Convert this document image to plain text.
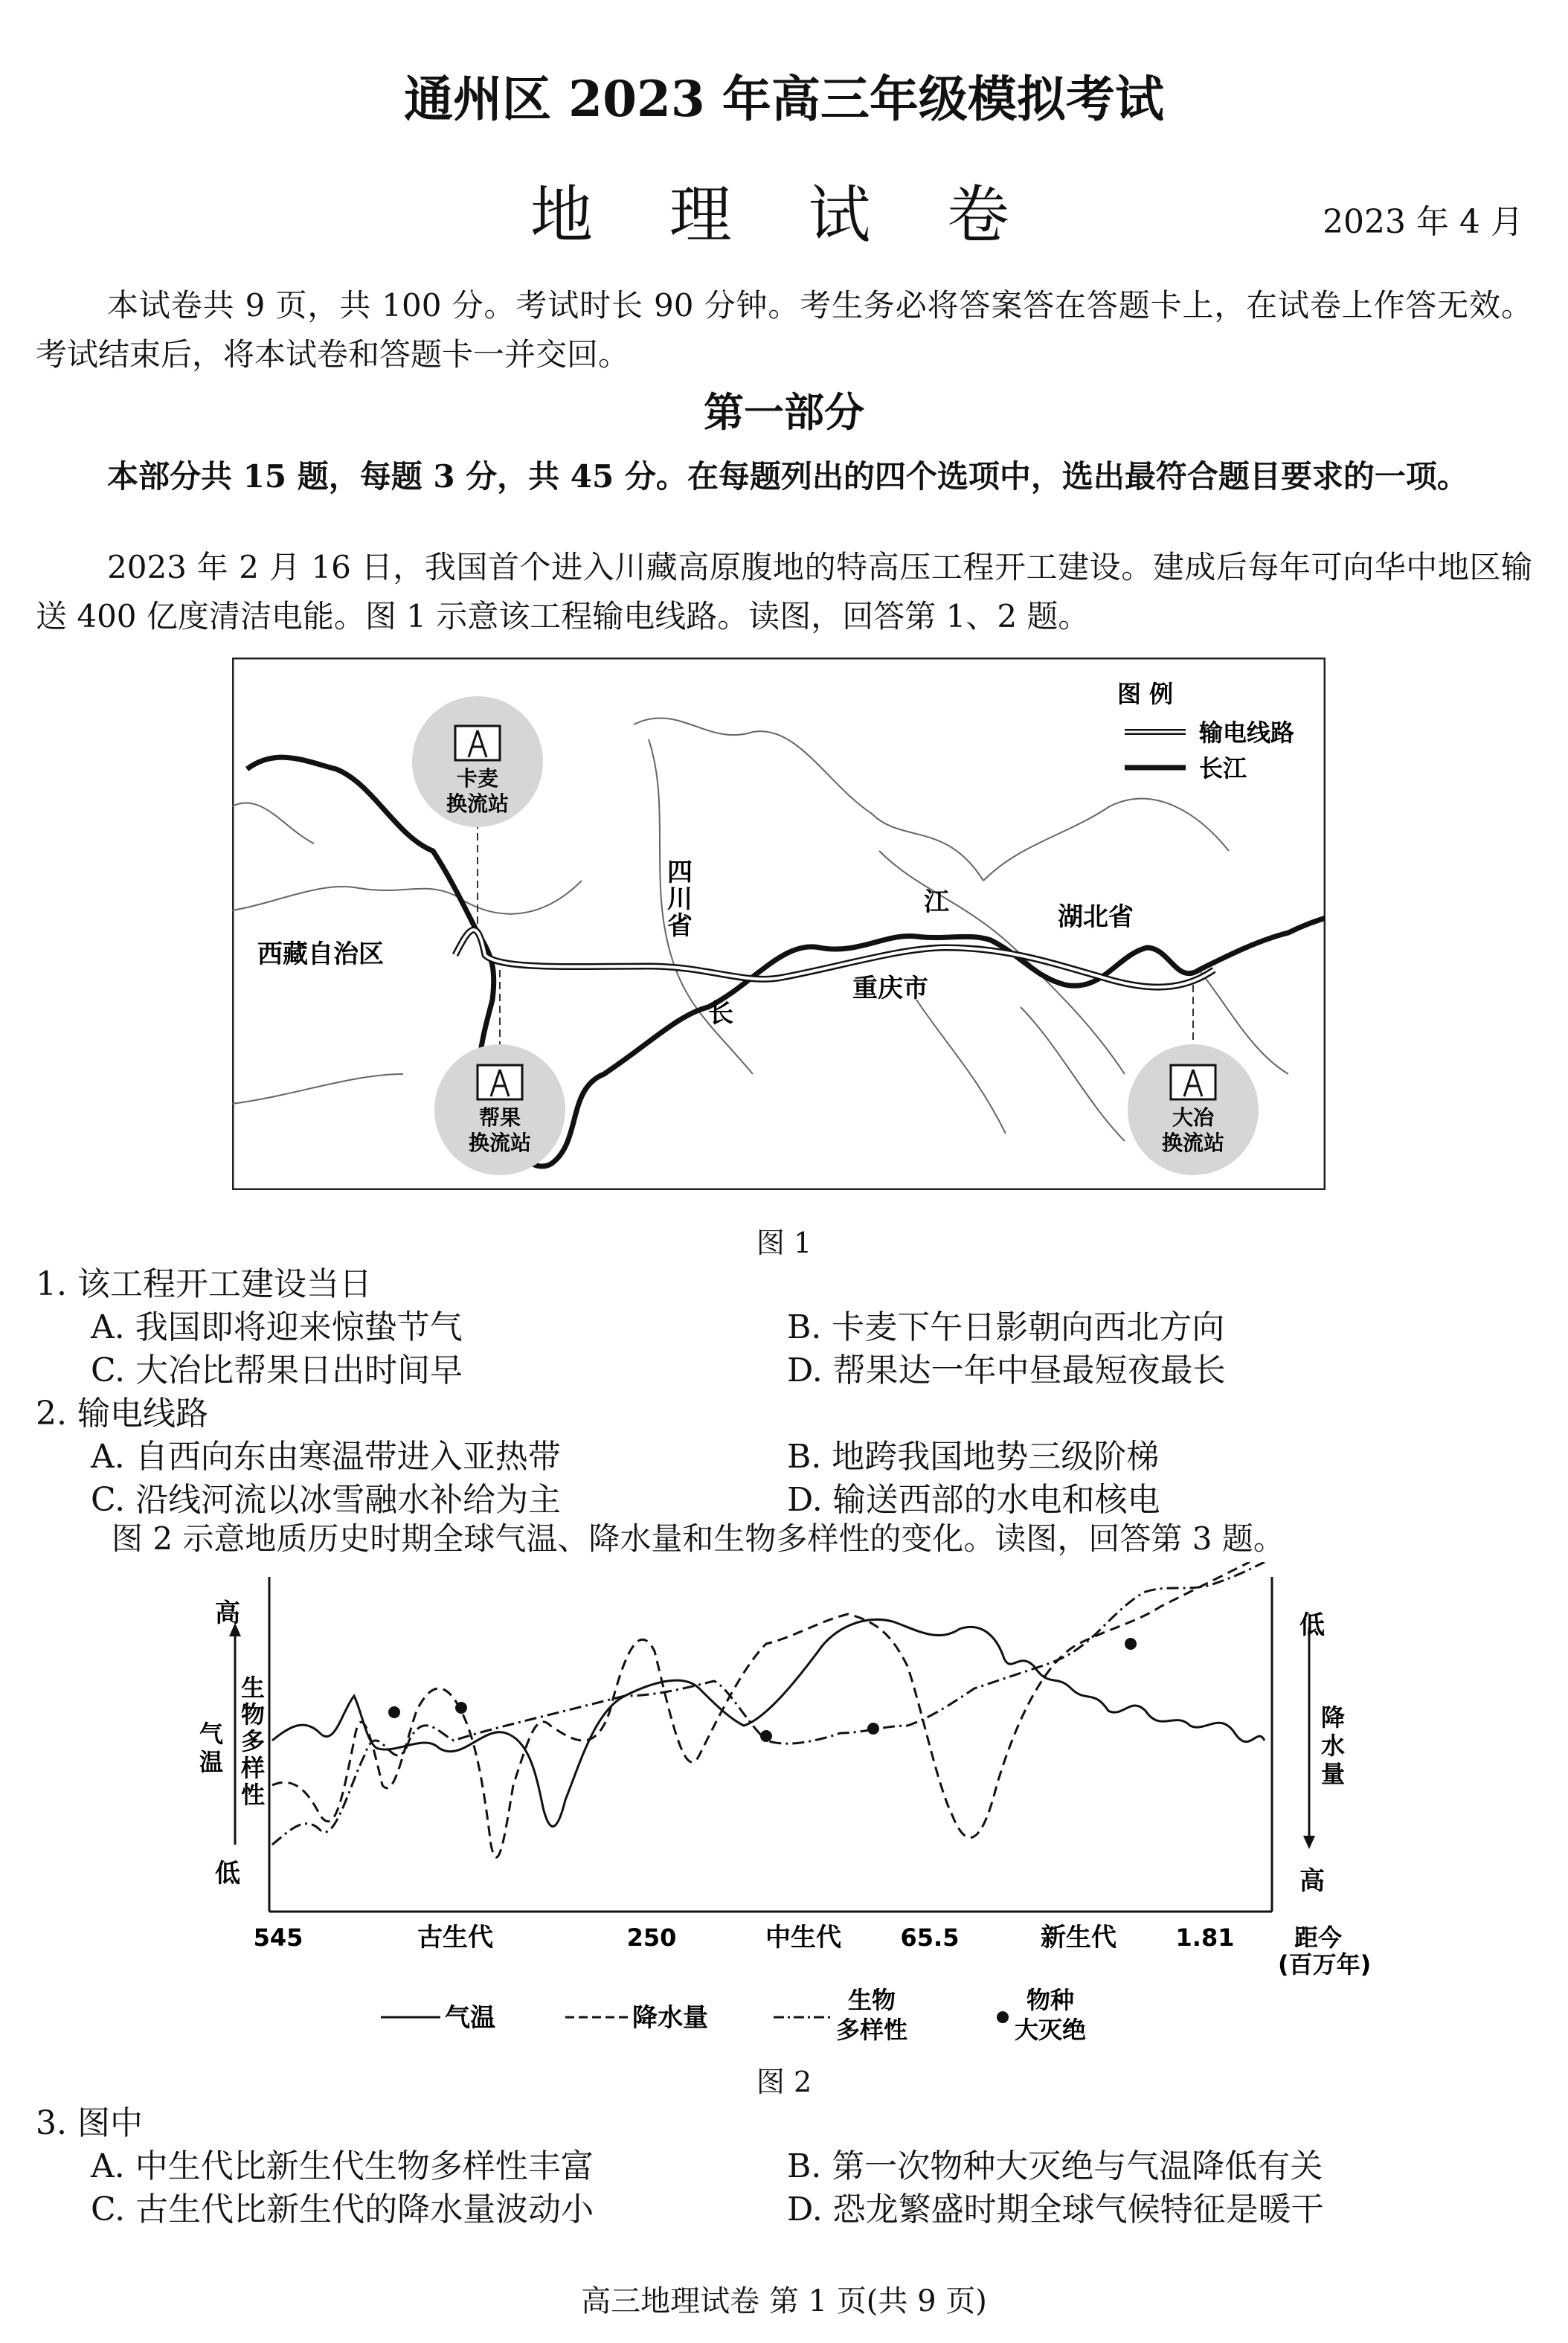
通州区 2023 年高三年级模拟考试
地 理 试 卷	2023 年 4 月
本试卷共 9 页，共 100 分。考试时长 90 分钟。考生务必将答案答在答题卡上，在试卷上作答无效。考试结束后，将本试卷和答题卡一并交回。
第一部分
本部分共 15 题，每题 3 分，共 45 分。在每题列出的四个选项中，选出最符合题目要求的一项。
2023 年 2 月 16 日，我国首个进入川藏高原腹地的特高压工程开工建设。建成后每年可向华中地区输送 400 亿度清洁电能。图 1 示意该工程输电线路。读图，回答第 1、2 题。
卡麦
换流站
帮果
换流站
大冶
换流站
西藏自治区
四
川
省	湖北省
重庆市
长
江
图 例
输电线路
长江
图 1
1. 该工程开工建设当日
A. 我国即将迎来惊蛰节气	B. 卡麦下午日影朝向西北方向
C. 大冶比帮果日出时间早	D. 帮果达一年中昼最短夜最长
2. 输电线路
A. 自西向东由寒温带进入亚热带	B. 地跨我国地势三级阶梯
C. 沿线河流以冰雪融水补给为主	D. 输送西部的水电和核电
图 2 示意地质历史时期全球气温、降水量和生物多样性的变化。读图，回答第 3 题。
高
低
低
高
生
物
多
样
性
气
温
降
水
量
545	250	65.5	1.81
古生代	中生代	新生代	距今
(百万年)
气温	降水量
生物
多样性
物种
大灭绝
图 2
3. 图中
A. 中生代比新生代生物多样性丰富	B. 第一次物种大灭绝与气温降低有关
C. 古生代比新生代的降水量波动小	D. 恐龙繁盛时期全球气候特征是暖干
高三地理试卷 第 1 页(共 9 页)
